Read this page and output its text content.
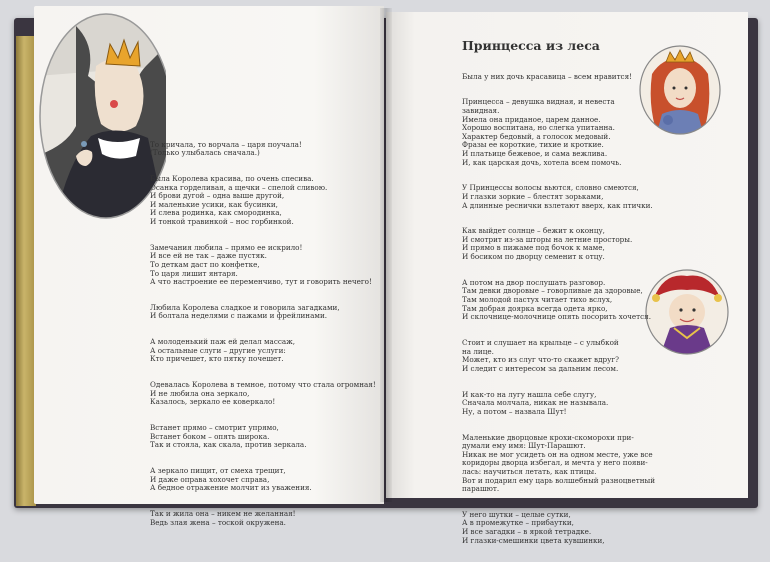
То кричала, то ворчала – царя поучала!
(Только улыбалась сначала.)

Была Королева красива, по очень спесива.
Осанка горделивая, а щечки – спелой сливою.
И брови дугой – одна выше другой,
И маленькие усики, как бусинки,
И слева родинка, как смородинка,
И тонкой травинкой – нос горбинкой.

Замечания любила – прямо ее искрило!
И все ей не так – даже пустяк.
То деткам даст по конфетке,
То царя лишит янтаря.
А что настроение ее переменчиво, тут и говорить нечего!

Любила Королева сладкое и говорила загадками,
И болтала неделями с пажами и фрейлинами.

А молоденький паж ей делал массаж,
А остальные слуги – другие услуги:
Кто причешет, кто пятку почешет.

Одевалась Королева в темное, потому что стала огромная!
И не любила она зеркало,
Казалось, зеркало ее коверкало!

Встанет прямо – смотрит упрямо,
Встанет боком – опять широка.
Так и стояла, как скала, против зеркала.

А зеркало пищит, от смеха трещит,
И даже оправа хохочет справа,
А бедное отражение молчит из уважения.

Так и жила она – никем не желанная!
Ведь злая жена – тоской окружена.

Принцесса из леса

Была у них дочь красавица – всем нравится!

Принцесса – девушка видная, и невеста
завидная.
Имела она приданое, царем данное.
Хорошо воспитана, но слегка упитанна.
Характер бедовый, а голосок медовый.
Фразы ее короткие, тихие и кроткие.
И платьице бежевое, и сама вежлива.
И, как царская дочь, хотела всем помочь.

У Принцессы волосы вьются, словно смеются,
И глазки зоркие – блестят зорьками,
А длинные реснички взлетают вверх, как птички.

Как выйдет солнце – бежит к оконцу,
И смотрит из-за шторы на летние просторы.
И прямо в пижаме под бочок к маме,
И босиком по дворцу семенит к отцу.

А потом на двор послушать разговор.
Там девки дворовые – говорливые да здоровые,
Там молодой пастух читает тихо вслух,
Там добрая доярка всегда одета ярко,
И склочнице-молочнице опять посорить хочется.

Стоит и слушает на крыльце – с улыбкой
на лице.
Может, кто из слуг что-то скажет вдруг?
И следит с интересом за дальним лесом.

И как-то на лугу нашла себе слугу,
Сначала молчала, никак не называла.
Ну, а потом – назвала Шут!

Маленькие дворцовые крохи-скоморохи при-
думали ему имя: Шут-Парашют.
Никак не мог усидеть он на одном месте, уже все
коридоры дворца избегал, и мечта у него появи-
лась: научиться летать, как птицы.
Вот и подарил ему царь волшебный разноцветный
парашют.

У него шутки – целые сутки,
А в промежутке – прибаутки,
И все загадки – в яркой тетрадке.
И глазки-смешинки цвета кувшинки,
